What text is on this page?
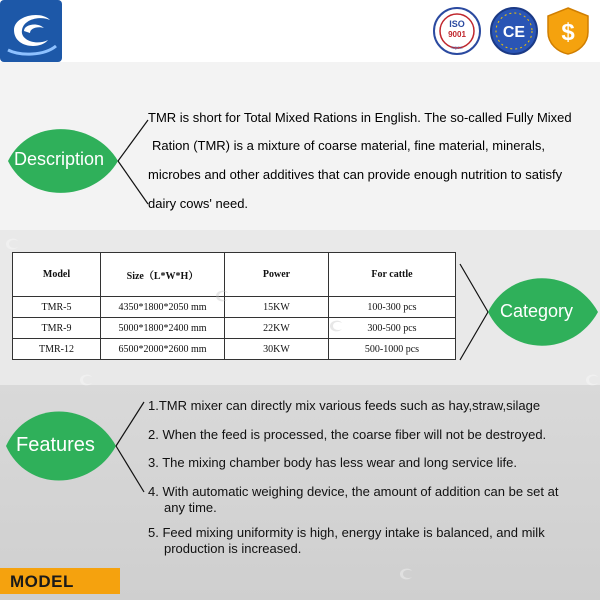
ISO
9001
SQCC
CE $
Description
TMR is short for Total Mixed Rations in English. The so-called Fully Mixed
Ration (TMR) is a mixture of coarse material, fine material, minerals,
microbes and other additives that can provide enough nutrition to satisfy
dairy cows' need.
Model	Size（L*W*H）	Power	For cattle
TMR-5	4350*1800*2050 mm	15KW	100-300 pcs
TMR-9	5000*1800*2400 mm	22KW	300-500 pcs
TMR-12	6500*2000*2600 mm	30KW	500-1000 pcs
Category
Features
1.TMR mixer can directly mix various feeds such as hay,straw,silage
2. When the feed is processed, the coarse fiber will not be destroyed.
3. The mixing chamber body has less wear and long service life.
4. With automatic weighing device, the amount of addition can be set at
any time.
5. Feed mixing uniformity is high, energy intake is balanced, and milk
production is increased.
MODEL
